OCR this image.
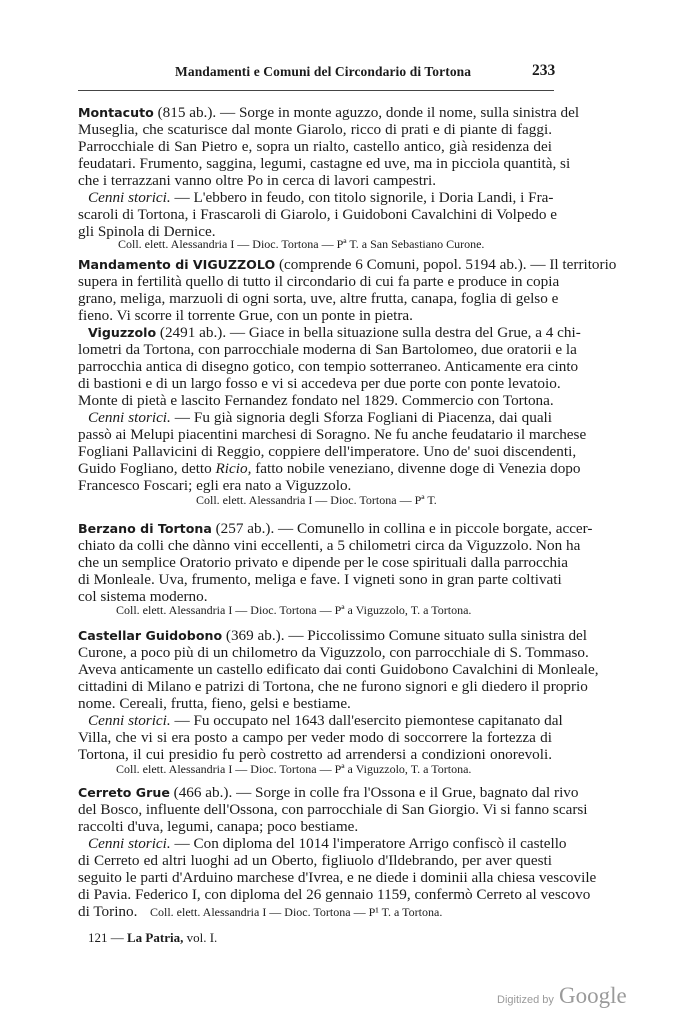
Mandamenti e Comuni del Circondario di Tortona	233
Montacuto (815 ab.). — Sorge in monte aguzzo, donde il nome, sulla sinistra del
Museglia, che scaturisce dal monte Giarolo, ricco di prati e di piante di faggi.
Parrocchiale di San Pietro e, sopra un rialto, castello antico, già residenza dei
feudatari. Frumento, saggina, legumi, castagne ed uve, ma in picciola quantità, si
che i terrazzani vanno oltre Po in cerca di lavori campestri.
Cenni storici. — L'ebbero in feudo, con titolo signorile, i Doria Landi, i Fra-
scaroli di Tortona, i Frascaroli di Giarolo, i Guidoboni Cavalchini di Volpedo e
gli Spinola di Dernice.
Coll. elett. Alessandria I — Dioc. Tortona — Pª T. a San Sebastiano Curone.
Mandamento di VIGUZZOLO (comprende 6 Comuni, popol. 5194 ab.). — Il territorio
supera in fertilità quello di tutto il circondario di cui fa parte e produce in copia
grano, meliga, marzuoli di ogni sorta, uve, altre frutta, canapa, foglia di gelso e
fieno. Vi scorre il torrente Grue, con un ponte in pietra.
Viguzzolo (2491 ab.). — Giace in bella situazione sulla destra del Grue, a 4 chi-
lometri da Tortona, con parrocchiale moderna di San Bartolomeo, due oratorii e la
parrocchia antica di disegno gotico, con tempio sotterraneo. Anticamente era cinto
di bastioni e di un largo fosso e vi si accedeva per due porte con ponte levatoio.
Monte di pietà e lascito Fernandez fondato nel 1829. Commercio con Tortona.
Cenni storici. — Fu già signoria degli Sforza Fogliani di Piacenza, dai quali
passò ai Melupi piacentini marchesi di Soragno. Ne fu anche feudatario il marchese
Fogliani Pallavicini di Reggio, coppiere dell'imperatore. Uno de' suoi discendenti,
Guido Fogliano, detto Ricio, fatto nobile veneziano, divenne doge di Venezia dopo
Francesco Foscari; egli era nato a Viguzzolo.
Coll. elett. Alessandria I — Dioc. Tortona — Pª T.
Berzano di Tortona (257 ab.). — Comunello in collina e in piccole borgate, accer-
chiato da colli che dànno vini eccellenti, a 5 chilometri circa da Viguzzolo. Non ha
che un semplice Oratorio privato e dipende per le cose spirituali dalla parrocchia
di Monleale. Uva, frumento, meliga e fave. I vigneti sono in gran parte coltivati
col sistema moderno.
Coll. elett. Alessandria I — Dioc. Tortona — Pª a Viguzzolo, T. a Tortona.
Castellar Guidobono (369 ab.). — Piccolissimo Comune situato sulla sinistra del
Curone, a poco più di un chilometro da Viguzzolo, con parrocchiale di S. Tommaso.
Aveva anticamente un castello edificato dai conti Guidobono Cavalchini di Monleale,
cittadini di Milano e patrizi di Tortona, che ne furono signori e gli diedero il proprio
nome. Cereali, frutta, fieno, gelsi e bestiame.
Cenni storici. — Fu occupato nel 1643 dall'esercito piemontese capitanato dal
Villa, che vi si era posto a campo per veder modo di soccorrere la fortezza di
Tortona, il cui presidio fu però costretto ad arrendersi a condizioni onorevoli.
Coll. elett. Alessandria I — Dioc. Tortona — Pª a Viguzzolo, T. a Tortona.
Cerreto Grue (466 ab.). — Sorge in colle fra l'Ossona e il Grue, bagnato dal rivo
del Bosco, influente dell'Ossona, con parrocchiale di San Giorgio. Vi si fanno scarsi
raccolti d'uva, legumi, canapa; poco bestiame.
Cenni storici. — Con diploma del 1014 l'imperatore Arrigo confiscò il castello
di Cerreto ed altri luoghi ad un Oberto, figliuolo d'Ildebrando, per aver questi
seguito le parti d'Arduino marchese d'Ivrea, e ne diede i dominii alla chiesa vescovile
di Pavia. Federico I, con diploma del 26 gennaio 1159, confermò Cerreto al vescovo
di Torino.	Coll. elett. Alessandria I — Dioc. Tortona — P¹ T. a Tortona.
121 — La Patria, vol. I.
Digitized by Google
